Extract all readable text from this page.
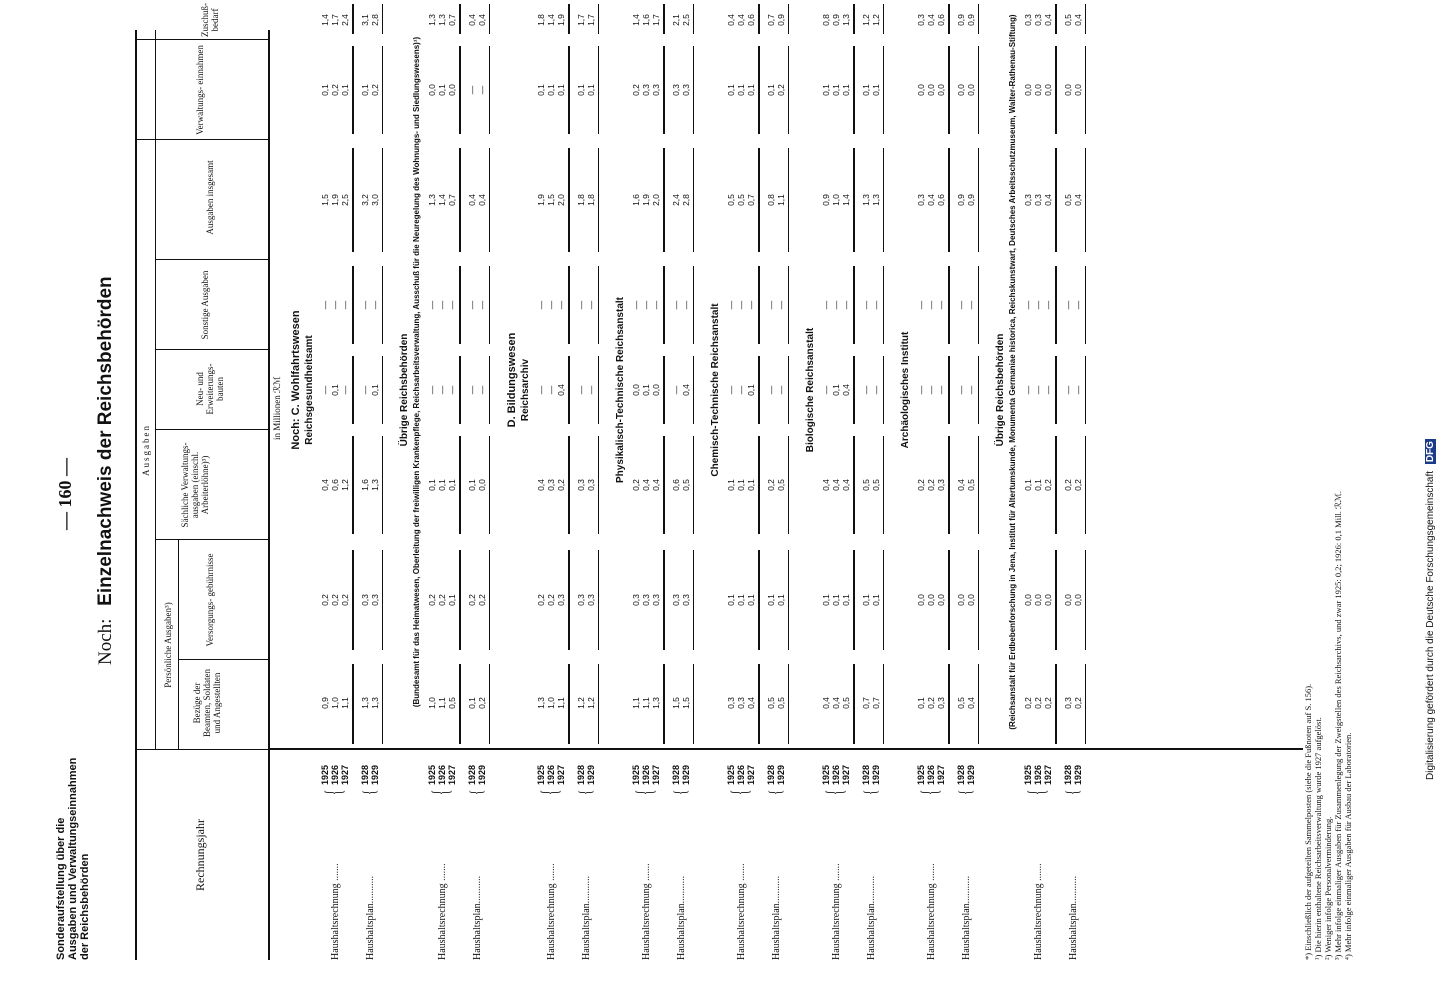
Sonderaufstellung über die Ausgaben und Verwaltungseinnahmen der Reichsbehörden
— 160 —
Noch: Einzelnachweis der Reichsbehörden
Rechnungsjahr
Ausgaben
Persönliche Ausgaben³)
Bezüge der Beamten, Soldaten und Angestellten
Versorgungs- gebührnisse
Sächliche Verwaltungs- ausgaben (einschl. Arbeiterlöhne)³)
Neu- und Erweiterungs- bauten
Sonstige Ausgaben
Ausgaben insgesamt
Verwaltungs- einnahmen
Zuschuß- bedarf
in Millionen ℛℳ Noch: C. Wohlfahrtswesen Reichsgesundheitsamt
Haushaltsrechnung .......
{
1925 1926 1927
0,9
0,2
0,4
—
—
1,5
0,1
1,4
1,0
0,2
0,6
0,1
—
1,9
0,2
1,7
1,1
0,2
1,2
—
—
2,5
0,1
2,4
Haushaltsplan...........
{
1928 1929
1,3
0,3
1,6
—
—
3,2
0,1
3,1
1,3
0,3
1,3
0,1
—
3,0
0,2
2,8
Übrige Reichsbehörden (Bundesamt für das Heimatwesen, Oberleitung der freiwilligen Krankenpflege, Reichsarbeitsverwaltung, Ausschuß für die Neuregelung des Wohnungs- und Siedlungswesens)¹)
Haushaltsrechnung .......
{
1925 1926 1927
1,0
0,2
0,1
—
—
1,3
0,0
1,3
1,1
0,2
0,1
—
—
1,4
0,1
1,3
0,5
0,1
0,1
—
—
0,7
0,0
0,7
Haushaltsplan...........
{
1928 1929
0,1
0,2
0,1
—
—
0,4
—
0,4
0,2
0,2
0,0
—
—
0,4
—
0,4
D. Bildungswesen Reichsarchiv
Haushaltsrechnung .......
{
1925 1926 1927
1,3
0,2
0,4
—
—
1,9
0,1
1,8
1,0
0,2
0,3
—
—
1,5
0,1
1,4
1,1
0,3
0,2
0,4
—
2,0
0,1
1,9
Haushaltsplan...........
{
1928 1929
1,2
0,3
0,3
—
—
1,8
0,1
1,7
1,2
0,3
0,3
—
—
1,8
0,1
1,7
Physikalisch-Technische Reichsanstalt
Haushaltsrechnung .......
{
1925 1926 1927
1,1
0,3
0,2
0,0
—
1,6
0,2
1,4
1,1
0,3
0,4
0,1
—
1,9
0,3
1,6
1,3
0,3
0,4
0,0
—
2,0
0,3
1,7
Haushaltsplan...........
{
1928 1929
1,5
0,3
0,6
—
—
2,4
0,3
2,1
1,5
0,3
0,5
0,4
—
2,8
0,3
2,5
Chemisch-Technische Reichsanstalt
Haushaltsrechnung .......
{
1925 1926 1927
0,3
0,1
0,1
—
—
0,5
0,1
0,4
0,3
0,1
0,1
—
—
0,5
0,1
0,4
0,4
0,1
0,1
0,1
—
0,7
0,1
0,6
Haushaltsplan...........
{
1928 1929
0,5
0,1
0,2
—
—
0,8
0,1
0,7
0,5
0,1
0,5
—
—
1,1
0,2
0,9
Biologische Reichsanstalt
Haushaltsrechnung .......
{
1925 1926 1927
0,4
0,1
0,4
—
—
0,9
0,1
0,8
0,4
0,1
0,4
0,1
—
1,0
0,1
0,9
0,5
0,1
0,4
0,4
—
1,4
0,1
1,3
Haushaltsplan...........
{
1928 1929
0,7
0,1
0,5
—
—
1,3
0,1
1,2
0,7
0,1
0,5
—
—
1,3
0,1
1,2
Archäologisches Institut
Haushaltsrechnung .......
{
1925 1926 1927
0,1
0,0
0,2
—
—
0,3
0,0
0,3
0,2
0,0
0,2
—
—
0,4
0,0
0,4
0,3
0,0
0,3
—
—
0,6
0,0
0,6
Haushaltsplan...........
{
1928 1929
0,5
0,0
0,4
—
—
0,9
0,0
0,9
0,4
0,0
0,5
—
—
0,9
0,0
0,9
Übrige Reichsbehörden (Reichsanstalt für Erdbebenforschung in Jena, Institut für Altertumskunde, Monumenta Germaniae historica, Reichskunstwart, Deutsches Arbeitsschutzmuseum, Walter-Rathenau-Stiftung)
Haushaltsrechnung .......
{
1925 1926 1927
0,2
0,0
0,1
—
—
0,3
0,0
0,3
0,2
0,0
0,1
—
—
0,3
0,0
0,3
0,2
0,0
0,2
—
—
0,4
0,0
0,4
Haushaltsplan...........
{
1928 1929
0,3
0,0
0,2
—
—
0,5
0,0
0,5
0,2
0,0
0,2
—
—
0,4
0,0
0,4
*) Einschließlich der aufgeteilten Sammelposten (siehe die Fußnoten auf S. 156). ¹) Die hierin enthaltene Reichsarbeitsverwaltung wurde 1927 aufgelöst. ²) Weniger infolge Personalverminderung. ³) Mehr infolge einmaliger Ausgaben für Zusammenlegung der Zweigstellen des Reichsarchivs, und zwar 1925: 0,2; 1926: 0,1 Mill. ℛℳ. ⁴) Mehr infolge einmaliger Ausgaben für Ausbau der Laboratorien.
Digitalisierung gefördert durch die Deutsche Forschungsgemeinschaft DFG
